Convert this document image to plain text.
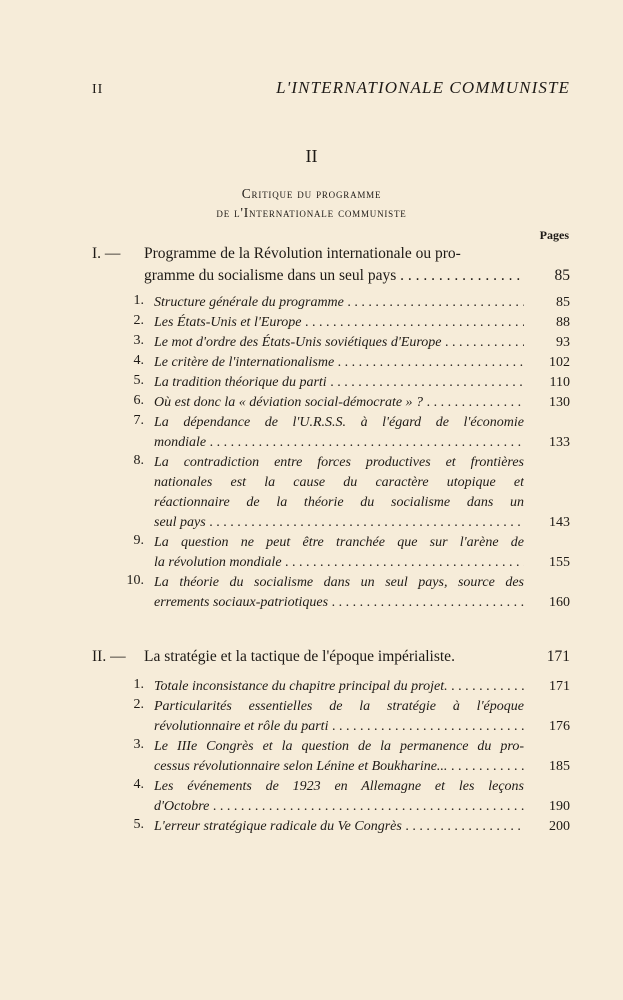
II	L'INTERNATIONALE COMMUNISTE
II
Critique du programme
de l'Internationale communiste
Pages
I. — Programme de la Révolution internationale ou pro-
gramme du socialisme dans un seul pays . . .	85
1. Structure générale du programme . . .	85
2. Les États-Unis et l'Europe . . .	88
3. Le mot d'ordre des États-Unis soviétiques d'Europe . . .	93
4. Le critère de l'internationalisme . . .	102
5. La tradition théorique du parti . . .	110
6. Où est donc la « déviation social-démocrate » ? . . .	130
7. La dépendance de l'U.R.S.S. à l'égard de l'économie
mondiale . . .	133
8. La contradiction entre forces productives et frontières
nationales est la cause du caractère utopique et
réactionnaire de la théorie du socialisme dans un
seul pays . . .	143
9. La question ne peut être tranchée que sur l'arène de
la révolution mondiale . . .	155
10. La théorie du socialisme dans un seul pays, source des
errements sociaux-patriotiques . . .	160
II. — La stratégie et la tactique de l'époque impérialiste.	171
1. Totale inconsistance du chapitre principal du projet. . . .	171
2. Particularités essentielles de la stratégie à l'époque
révolutionnaire et rôle du parti . . .	176
3. Le IIIe Congrès et la question de la permanence du pro-
cessus révolutionnaire selon Lénine et Boukharine... . . .	185
4. Les événements de 1923 en Allemagne et les leçons
d'Octobre . . .	190
5. L'erreur stratégique radicale du Ve Congrès . . .	200
